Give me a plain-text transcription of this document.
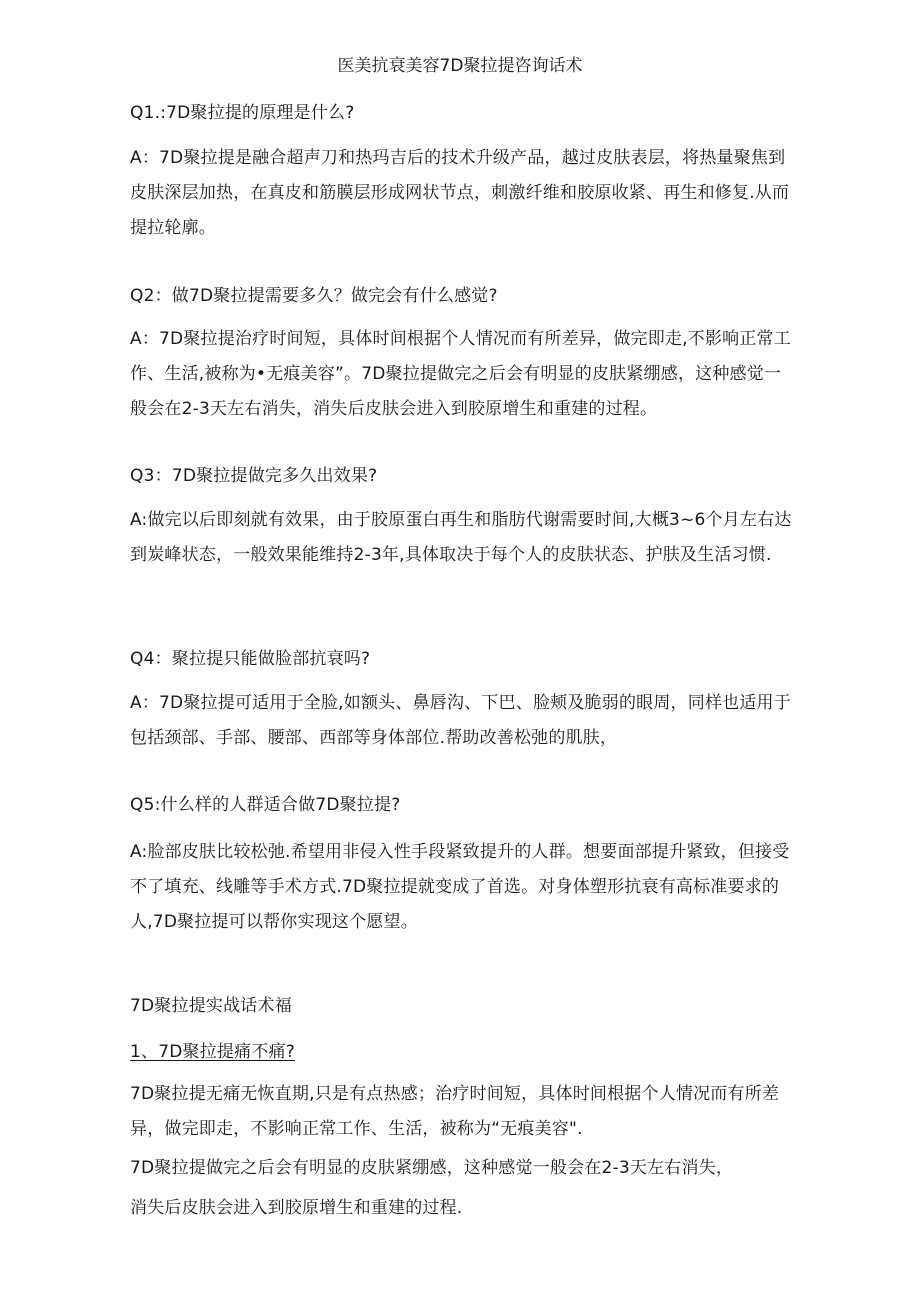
医美抗衰美容7D聚拉提咨询话术

Q1.:7D聚拉提的原理是什么?

A：7D聚拉提是融合超声刀和热玛吉后的技术升级产品，越过皮肤表层，将热量聚焦到皮肤深层加热，在真皮和筋膜层形成网状节点，刺激纤维和胶原收紧、再生和修复.从而提拉轮廓。

Q2：做7D聚拉提需要多久？做完会有什么感觉?

A：7D聚拉提治疗时间短，具体时间根据个人情况而有所差异，做完即走,不影响正常工作、生活,被称为•无痕美容”。7D聚拉提做完之后会有明显的皮肤紧绷感，这种感觉一般会在2-3天左右消失，消失后皮肤会进入到胶原增生和重建的过程。

Q3：7D聚拉提做完多久出效果?

A:做完以后即刻就有效果，由于胶原蛋白再生和脂肪代谢需要时间,大概3~6个月左右达到炭峰状态，一般效果能维持2-3年,具体取决于每个人的皮肤状态、护肤及生活习惯.

Q4：聚拉提只能做脸部抗衰吗?

A：7D聚拉提可适用于全脸,如额头、鼻唇沟、下巴、脸颊及脆弱的眼周，同样也适用于包括颈部、手部、腰部、西部等身体部位.帮助改善松弛的肌肤，

Q5:什么样的人群适合做7D聚拉提?

A:脸部皮肤比较松弛.希望用非侵入性手段紧致提升的人群。想要面部提升紧致，但接受不了填充、线雕等手术方式.7D聚拉提就变成了首选。对身体塑形抗衰有高标准要求的人,7D聚拉提可以帮你实现这个愿望。

7D聚拉提实战话术福

1、7D聚拉提痛不痛?

7D聚拉提无痛无恢直期,只是有点热感；治疗时间短，具体时间根据个人情况而有所差异，做完即走，不影响正常工作、生活，被称为“无痕美容".

7D聚拉提做完之后会有明显的皮肤紧绷感，这种感觉一般会在2-3天左右消失，

消失后皮肤会进入到胶原增生和重建的过程.
